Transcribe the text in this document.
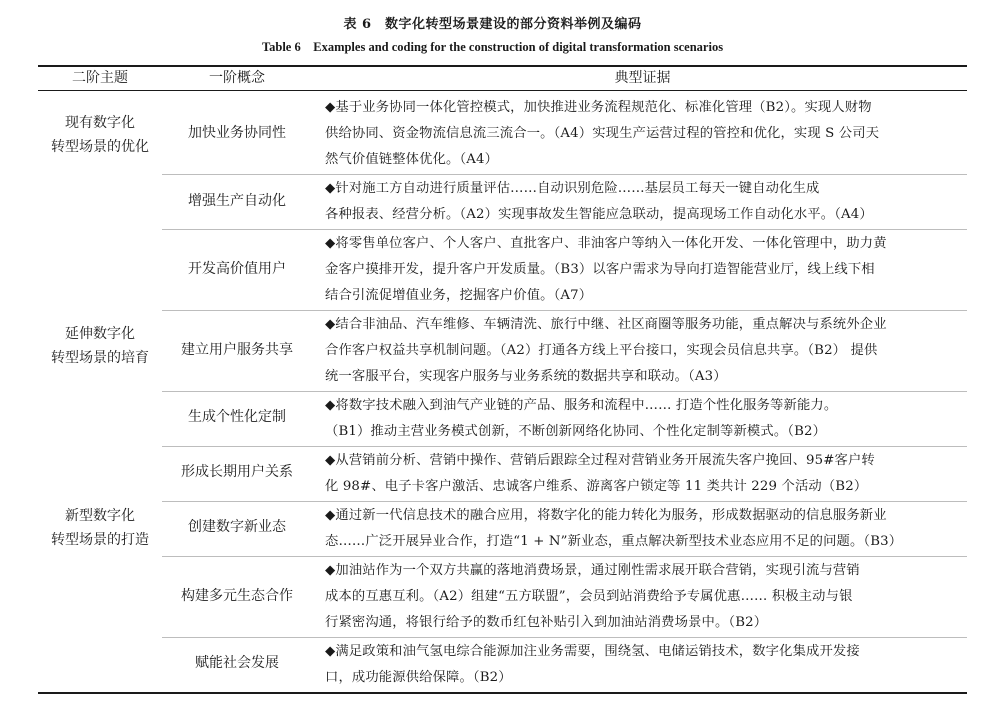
表 6　数字化转型场景建设的部分资料举例及编码
Table 6　Examples and coding for the construction of digital transformation scenarios
二阶主题	一阶概念	典型证据
现有数字化
转型场景的优化
延伸数字化
转型场景的培育
新型数字化
转型场景的打造
加快业务协同性
◆基于业务协同一体化管控模式，加快推进业务流程规范化、标准化管理（B2）。实现人财物
供给协同、资金物流信息流三流合一。（A4）实现生产运营过程的管控和优化，实现 S 公司天
然气价值链整体优化。（A4）
增强生产自动化
◆针对施工方自动进行质量评估……自动识别危险……基层员工每天一键自动化生成
各种报表、经营分析。（A2）实现事故发生智能应急联动，提高现场工作自动化水平。（A4）
开发高价值用户
◆将零售单位客户、个人客户、直批客户、非油客户等纳入一体化开发、一体化管理中，助力黄
金客户摸排开发，提升客户开发质量。（B3）以客户需求为导向打造智能营业厅，线上线下相
结合引流促增值业务，挖掘客户价值。（A7）
建立用户服务共享
◆结合非油品、汽车维修、车辆清洗、旅行中继、社区商圈等服务功能，重点解决与系统外企业
合作客户权益共享机制问题。（A2）打通各方线上平台接口，实现会员信息共享。（B2） 提供
统一客服平台，实现客户服务与业务系统的数据共享和联动。（A3）
生成个性化定制
◆将数字技术融入到油气产业链的产品、服务和流程中…… 打造个性化服务等新能力。
（B1）推动主营业务模式创新，不断创新网络化协同、个性化定制等新模式。（B2）
形成长期用户关系
◆从营销前分析、营销中操作、营销后跟踪全过程对营销业务开展流失客户挽回、95#客户转
化 98#、电子卡客户激活、忠诚客户维系、游离客户锁定等 11 类共计 229 个活动（B2）
创建数字新业态
◆通过新一代信息技术的融合应用，将数字化的能力转化为服务，形成数据驱动的信息服务新业
态……广泛开展异业合作，打造“1 + N”新业态，重点解决新型技术业态应用不足的问题。（B3）
构建多元生态合作
◆加油站作为一个双方共赢的落地消费场景，通过刚性需求展开联合营销，实现引流与营销
成本的互惠互利。（A2）组建“五方联盟”，会员到站消费给予专属优惠…… 积极主动与银
行紧密沟通，将银行给予的数币红包补贴引入到加油站消费场景中。（B2）
赋能社会发展
◆满足政策和油气氢电综合能源加注业务需要，围绕氢、电储运销技术，数字化集成开发接
口，成功能源供给保障。（B2）
